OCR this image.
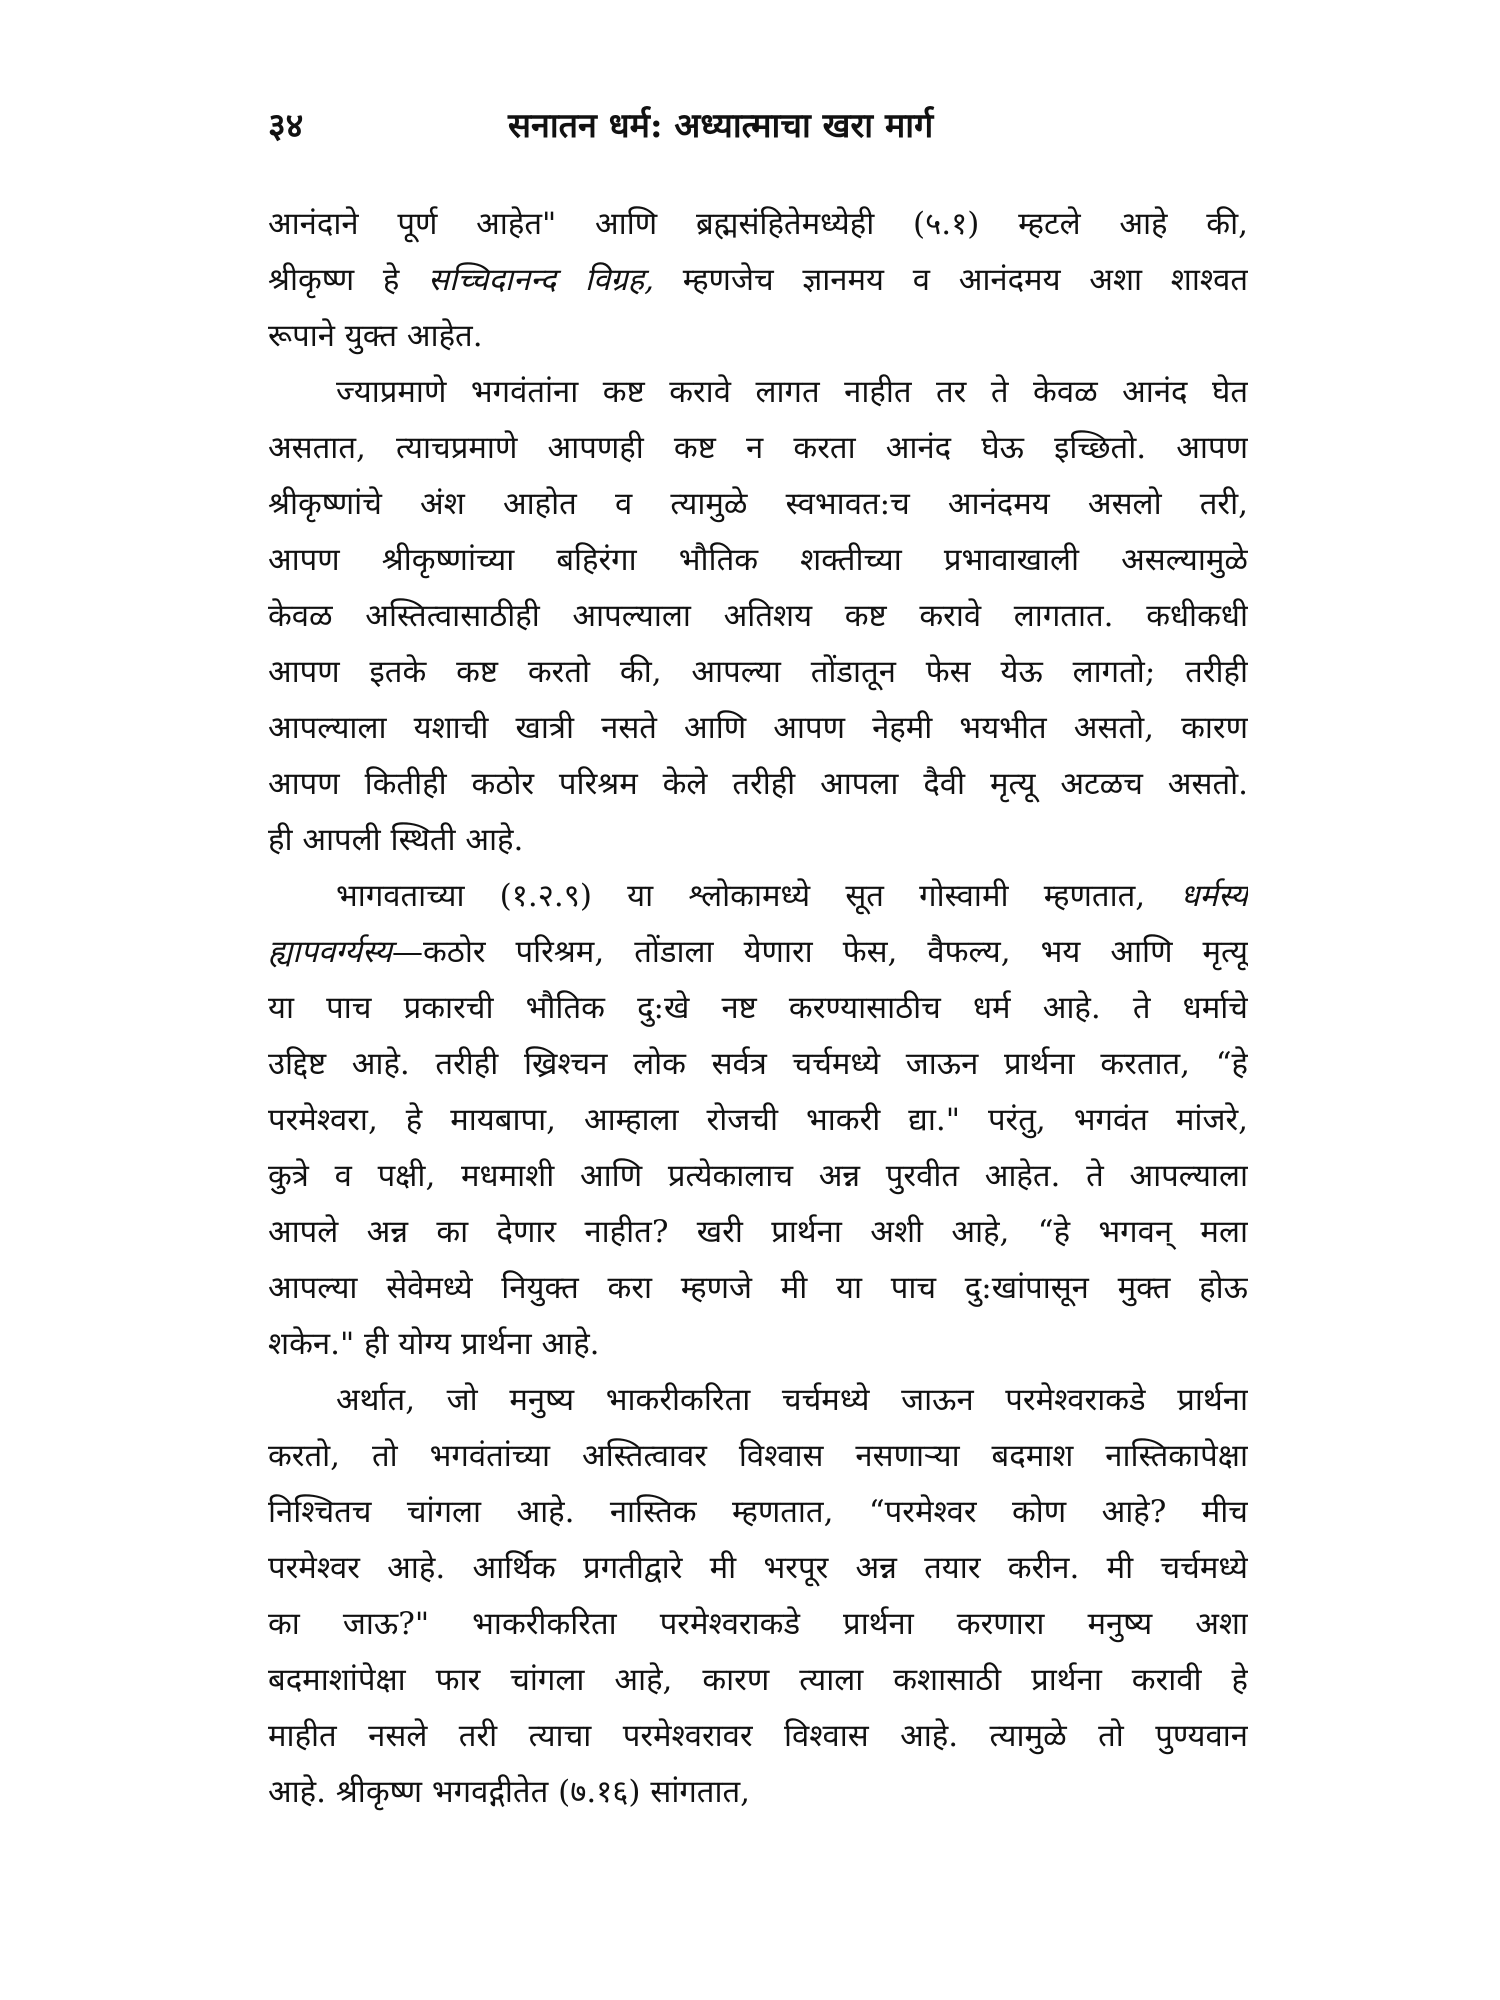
३४	सनातन धर्म: अध्यात्माचा खरा मार्ग
आनंदाने पूर्ण आहेत" आणि ब्रह्मसंहितेमध्येही (५.१) म्हटले आहे की,
श्रीकृष्ण हे सच्चिदानन्द विग्रह, म्हणजेच ज्ञानमय व आनंदमय अशा शाश्वत
रूपाने युक्त आहेत.
ज्याप्रमाणे भगवंतांना कष्ट करावे लागत नाहीत तर ते केवळ आनंद घेत
असतात, त्याचप्रमाणे आपणही कष्ट न करता आनंद घेऊ इच्छितो. आपण
श्रीकृष्णांचे अंश आहोत व त्यामुळे स्वभावत:च आनंदमय असलो तरी,
आपण श्रीकृष्णांच्या बहिरंगा भौतिक शक्तीच्या प्रभावाखाली असल्यामुळे
केवळ अस्तित्वासाठीही आपल्याला अतिशय कष्ट करावे लागतात. कधीकधी
आपण इतके कष्ट करतो की, आपल्या तोंडातून फेस येऊ लागतो; तरीही
आपल्याला यशाची खात्री नसते आणि आपण नेहमी भयभीत असतो, कारण
आपण कितीही कठोर परिश्रम केले तरीही आपला दैवी मृत्यू अटळच असतो.
ही आपली स्थिती आहे.
भागवताच्या (१.२.९) या श्लोकामध्ये सूत गोस्वामी म्हणतात, धर्मस्य
ह्यापवर्ग्यस्य—कठोर परिश्रम, तोंडाला येणारा फेस, वैफल्य, भय आणि मृत्यू
या पाच प्रकारची भौतिक दु:खे नष्ट करण्यासाठीच धर्म आहे. ते धर्माचे
उद्दिष्ट आहे. तरीही ख्रिश्चन लोक सर्वत्र चर्चमध्ये जाऊन प्रार्थना करतात, “हे
परमेश्वरा, हे मायबापा, आम्हाला रोजची भाकरी द्या." परंतु, भगवंत मांजरे,
कुत्रे व पक्षी, मधमाशी आणि प्रत्येकालाच अन्न पुरवीत आहेत. ते आपल्याला
आपले अन्न का देणार नाहीत? खरी प्रार्थना अशी आहे, “हे भगवन् मला
आपल्या सेवेमध्ये नियुक्त करा म्हणजे मी या पाच दु:खांपासून मुक्त होऊ
शकेन." ही योग्य प्रार्थना आहे.
अर्थात, जो मनुष्य भाकरीकरिता चर्चमध्ये जाऊन परमेश्वराकडे प्रार्थना
करतो, तो भगवंतांच्या अस्तित्वावर विश्वास नसणाऱ्या बदमाश नास्तिकापेक्षा
निश्चितच चांगला आहे. नास्तिक म्हणतात, “परमेश्वर कोण आहे? मीच
परमेश्वर आहे. आर्थिक प्रगतीद्वारे मी भरपूर अन्न तयार करीन. मी चर्चमध्ये
का जाऊ?" भाकरीकरिता परमेश्वराकडे प्रार्थना करणारा मनुष्य अशा
बदमाशांपेक्षा फार चांगला आहे, कारण त्याला कशासाठी प्रार्थना करावी हे
माहीत नसले तरी त्याचा परमेश्वरावर विश्वास आहे. त्यामुळे तो पुण्यवान
आहे. श्रीकृष्ण भगवद्गीतेत (७.१६) सांगतात,
